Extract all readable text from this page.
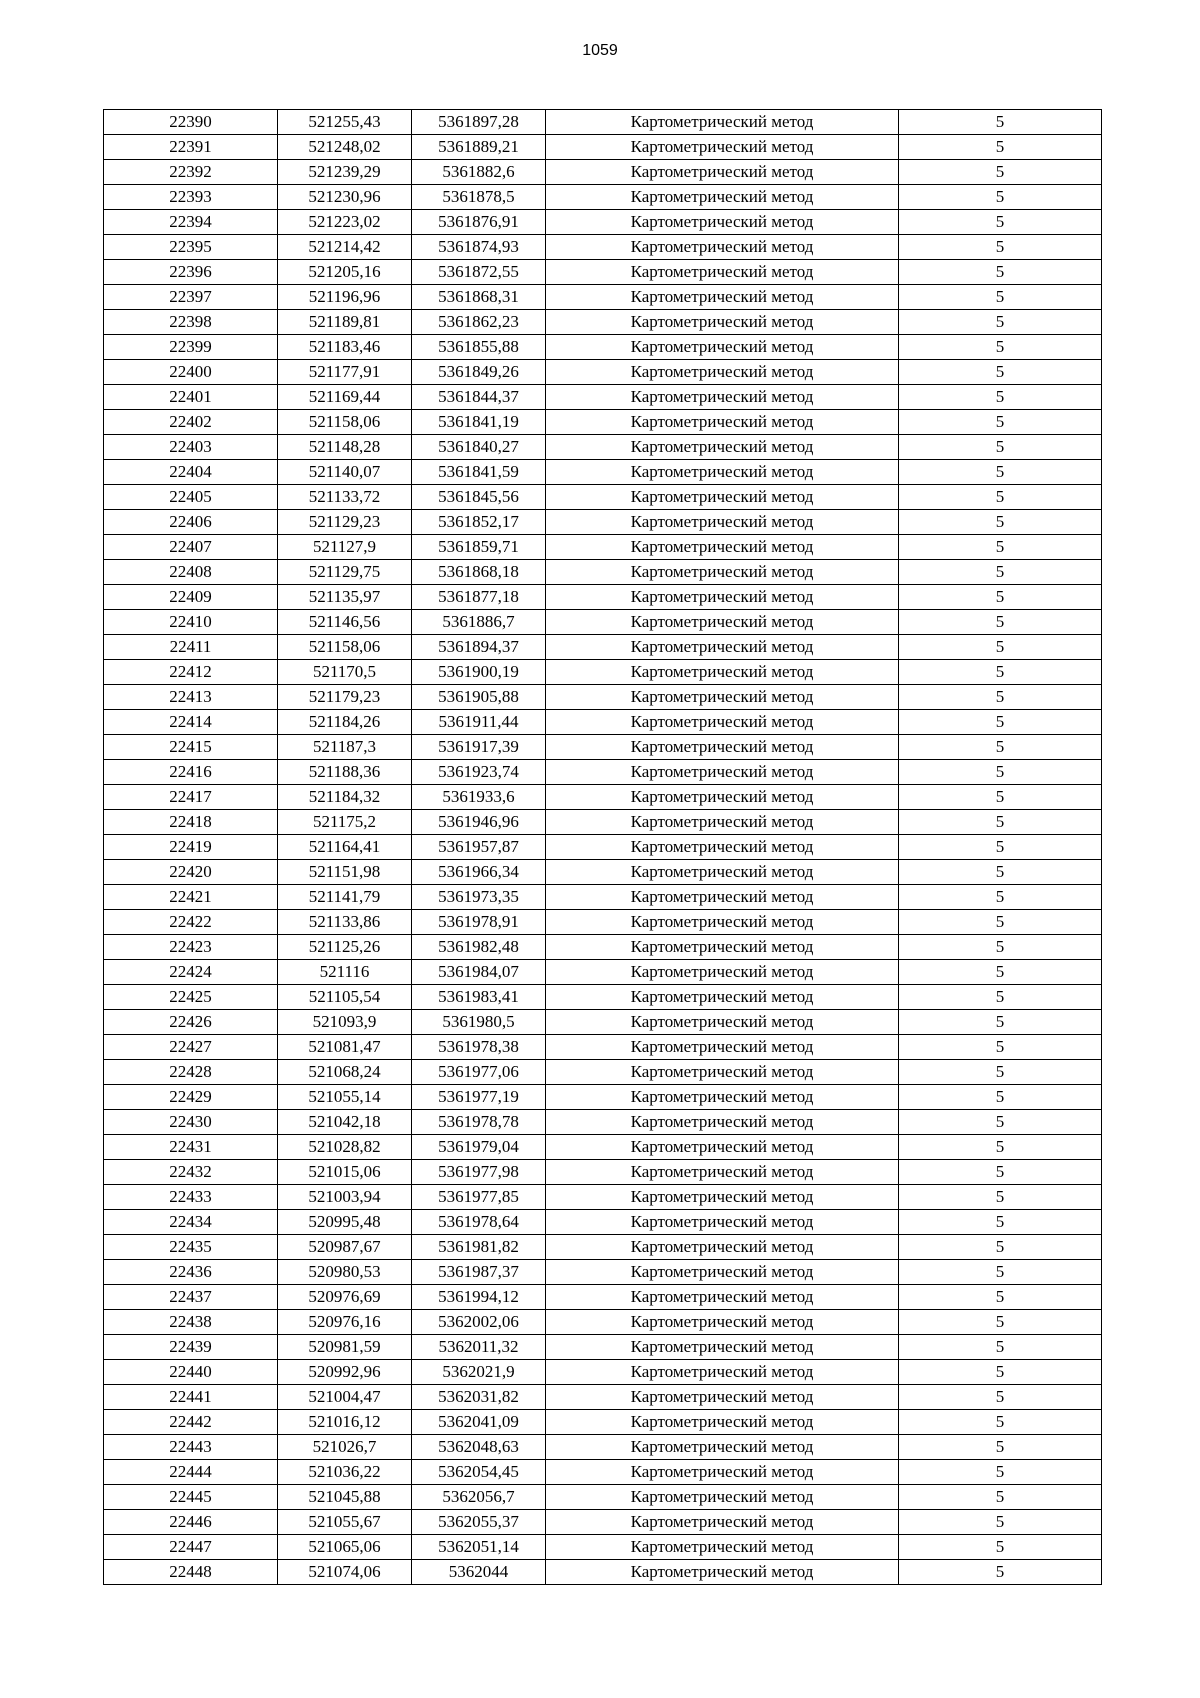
1059
22390	521255,43	5361897,28	Картометрический метод	5
22391	521248,02	5361889,21	Картометрический метод	5
22392	521239,29	5361882,6	Картометрический метод	5
22393	521230,96	5361878,5	Картометрический метод	5
22394	521223,02	5361876,91	Картометрический метод	5
22395	521214,42	5361874,93	Картометрический метод	5
22396	521205,16	5361872,55	Картометрический метод	5
22397	521196,96	5361868,31	Картометрический метод	5
22398	521189,81	5361862,23	Картометрический метод	5
22399	521183,46	5361855,88	Картометрический метод	5
22400	521177,91	5361849,26	Картометрический метод	5
22401	521169,44	5361844,37	Картометрический метод	5
22402	521158,06	5361841,19	Картометрический метод	5
22403	521148,28	5361840,27	Картометрический метод	5
22404	521140,07	5361841,59	Картометрический метод	5
22405	521133,72	5361845,56	Картометрический метод	5
22406	521129,23	5361852,17	Картометрический метод	5
22407	521127,9	5361859,71	Картометрический метод	5
22408	521129,75	5361868,18	Картометрический метод	5
22409	521135,97	5361877,18	Картометрический метод	5
22410	521146,56	5361886,7	Картометрический метод	5
22411	521158,06	5361894,37	Картометрический метод	5
22412	521170,5	5361900,19	Картометрический метод	5
22413	521179,23	5361905,88	Картометрический метод	5
22414	521184,26	5361911,44	Картометрический метод	5
22415	521187,3	5361917,39	Картометрический метод	5
22416	521188,36	5361923,74	Картометрический метод	5
22417	521184,32	5361933,6	Картометрический метод	5
22418	521175,2	5361946,96	Картометрический метод	5
22419	521164,41	5361957,87	Картометрический метод	5
22420	521151,98	5361966,34	Картометрический метод	5
22421	521141,79	5361973,35	Картометрический метод	5
22422	521133,86	5361978,91	Картометрический метод	5
22423	521125,26	5361982,48	Картометрический метод	5
22424	521116	5361984,07	Картометрический метод	5
22425	521105,54	5361983,41	Картометрический метод	5
22426	521093,9	5361980,5	Картометрический метод	5
22427	521081,47	5361978,38	Картометрический метод	5
22428	521068,24	5361977,06	Картометрический метод	5
22429	521055,14	5361977,19	Картометрический метод	5
22430	521042,18	5361978,78	Картометрический метод	5
22431	521028,82	5361979,04	Картометрический метод	5
22432	521015,06	5361977,98	Картометрический метод	5
22433	521003,94	5361977,85	Картометрический метод	5
22434	520995,48	5361978,64	Картометрический метод	5
22435	520987,67	5361981,82	Картометрический метод	5
22436	520980,53	5361987,37	Картометрический метод	5
22437	520976,69	5361994,12	Картометрический метод	5
22438	520976,16	5362002,06	Картометрический метод	5
22439	520981,59	5362011,32	Картометрический метод	5
22440	520992,96	5362021,9	Картометрический метод	5
22441	521004,47	5362031,82	Картометрический метод	5
22442	521016,12	5362041,09	Картометрический метод	5
22443	521026,7	5362048,63	Картометрический метод	5
22444	521036,22	5362054,45	Картометрический метод	5
22445	521045,88	5362056,7	Картометрический метод	5
22446	521055,67	5362055,37	Картометрический метод	5
22447	521065,06	5362051,14	Картометрический метод	5
22448	521074,06	5362044	Картометрический метод	5
